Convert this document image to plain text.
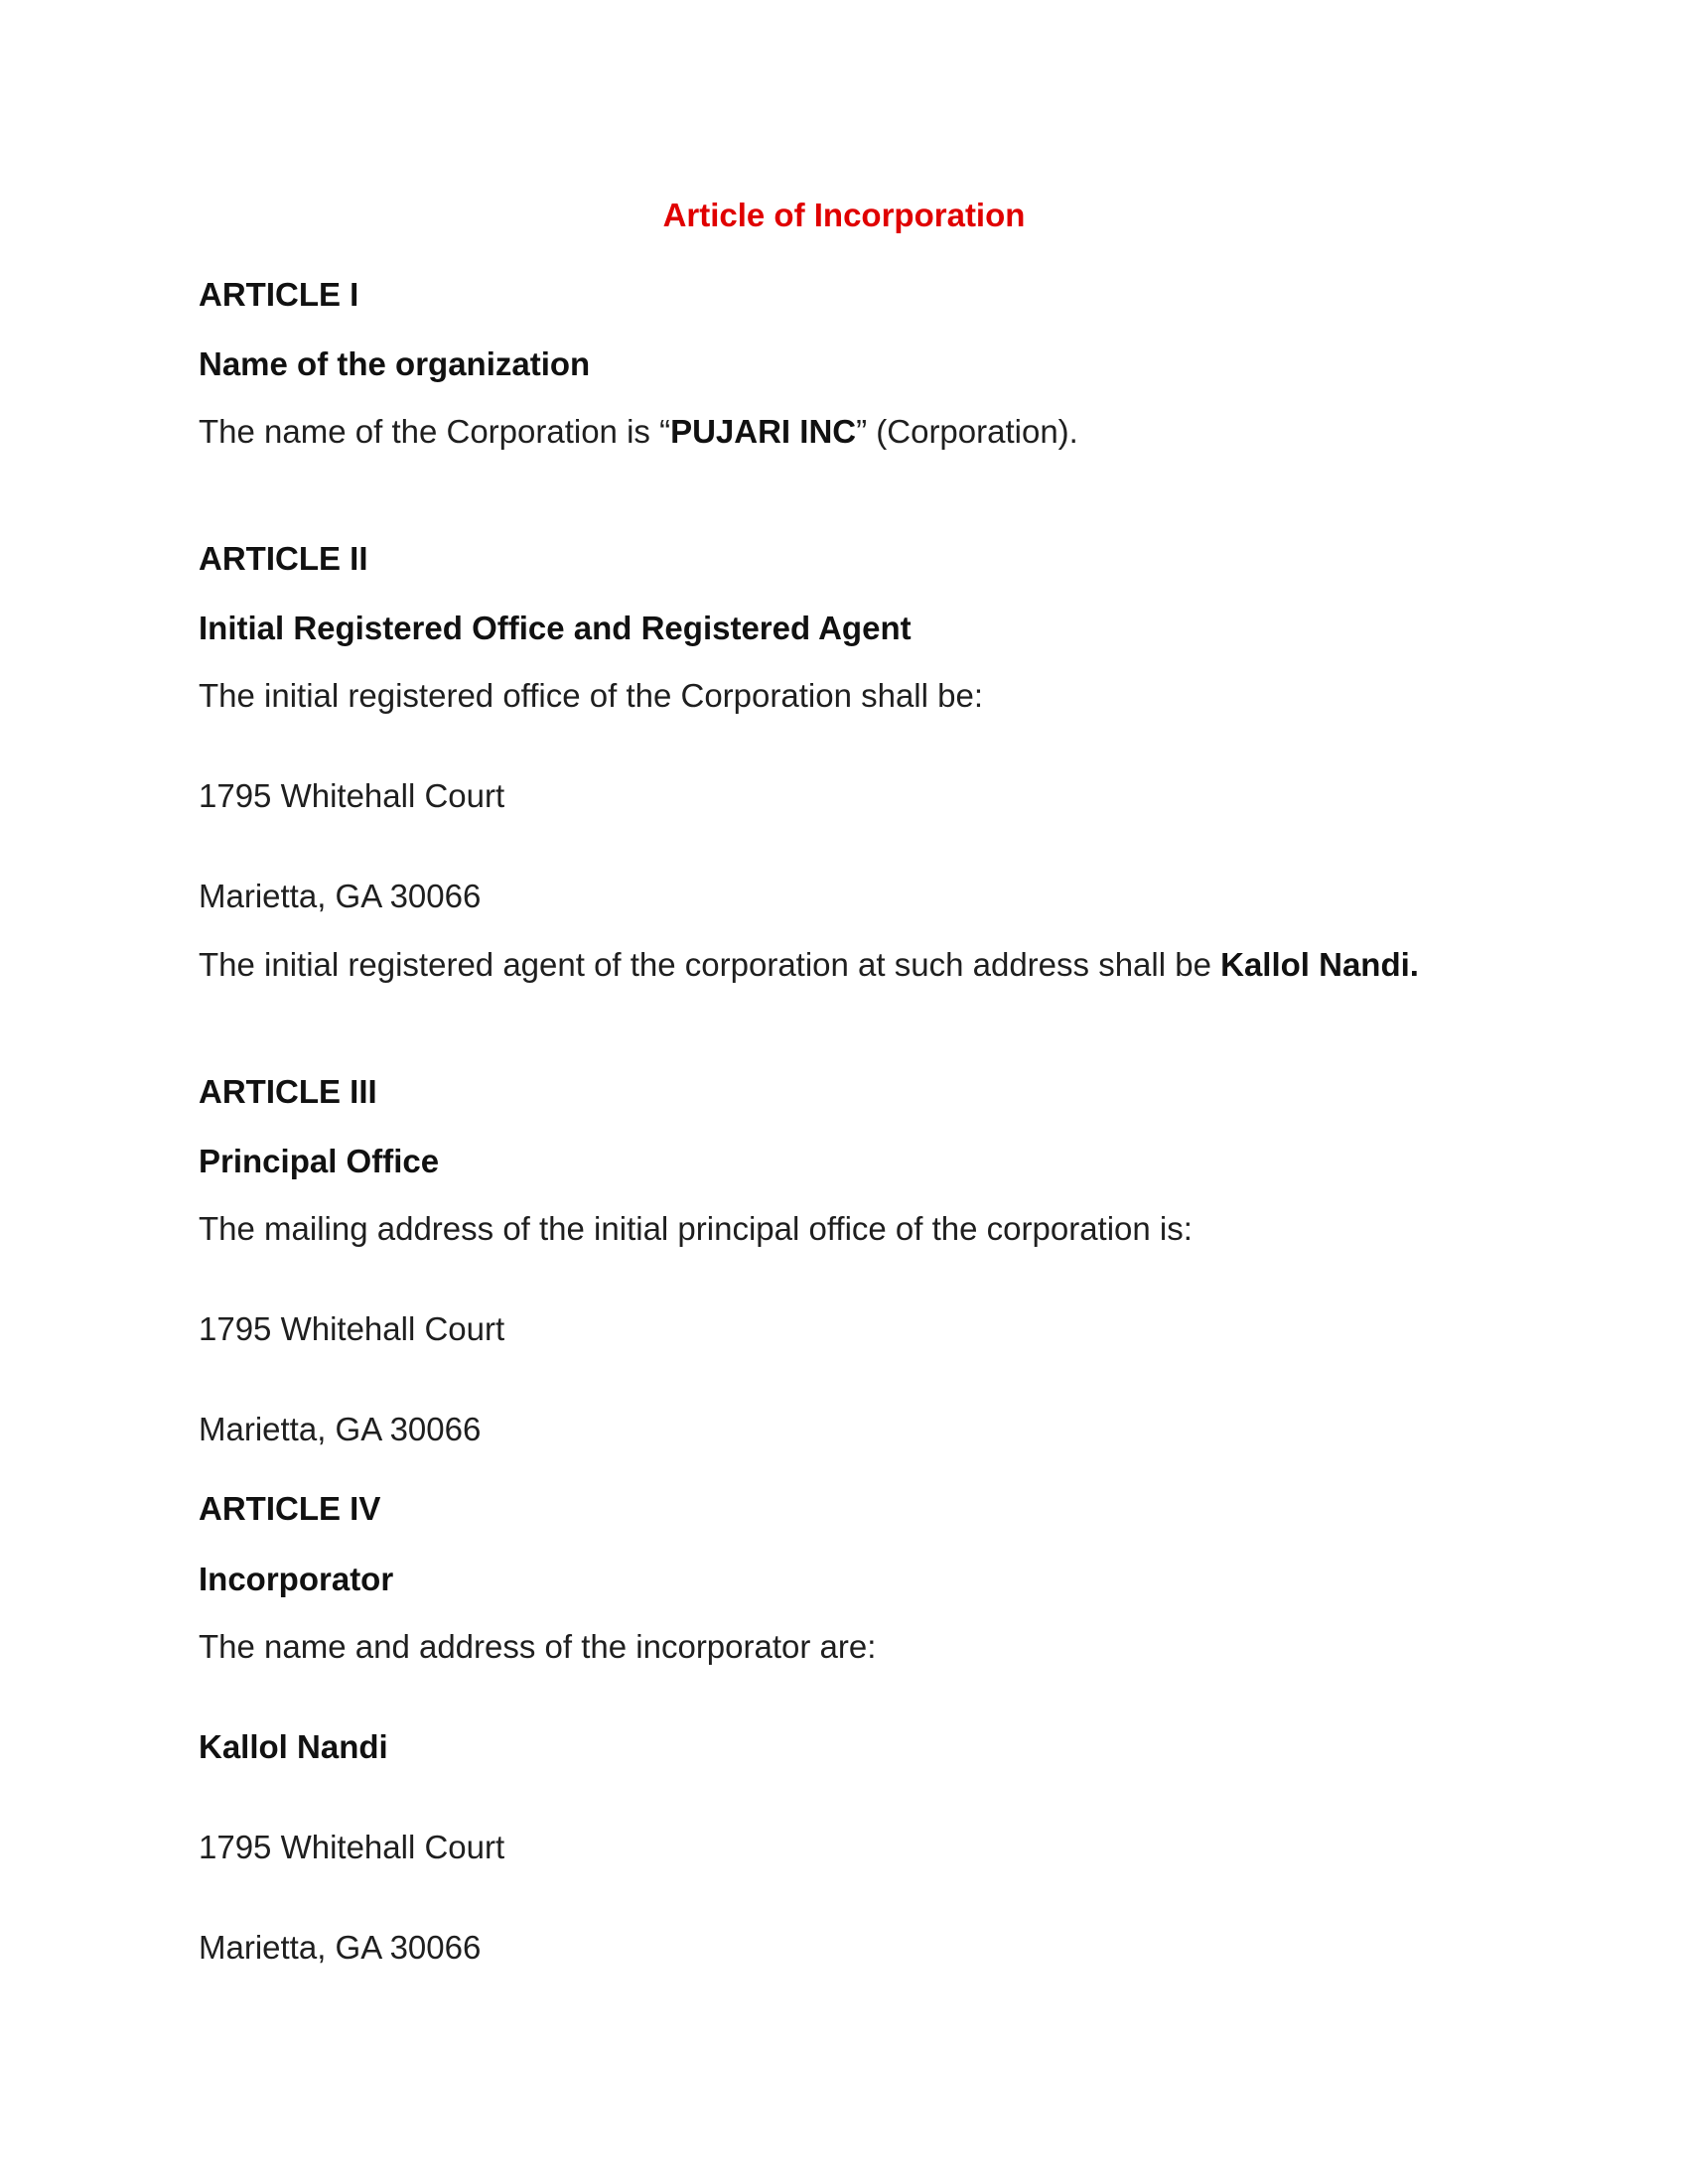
Article of Incorporation

ARTICLE I

Name of the organization

The name of the Corporation is “PUJARI INC” (Corporation).

ARTICLE II

Initial Registered Office and Registered Agent

The initial registered office of the Corporation shall be:

1795 Whitehall Court

Marietta, GA 30066

The initial registered agent of the corporation at such address shall be Kallol Nandi.

ARTICLE III

Principal Office

The mailing address of the initial principal office of the corporation is:

1795 Whitehall Court

Marietta, GA 30066

ARTICLE IV

Incorporator

The name and address of the incorporator are:

Kallol Nandi

1795 Whitehall Court

Marietta, GA 30066
